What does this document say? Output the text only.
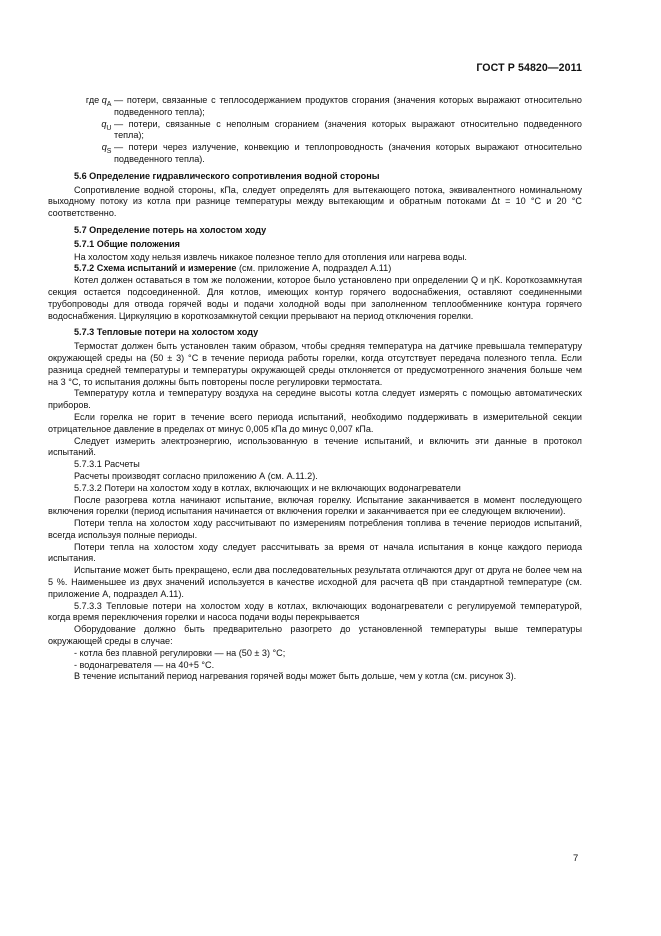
ГОСТ Р 54820—2011
где $q_A$ — потери, связанные с теплосодержанием продуктов сгорания (значения которых выражают относительно подведенного тепла);
$q_U$ — потери, связанные с неполным сгоранием (значения которых выражают относительно подведенного тепла);
$q_S$ — потери через излучение, конвекцию и теплопроводность (значения которых выражают относительно подведенного тепла).

5.6 Определение гидравлического сопротивления водной стороны

Сопротивление водной стороны, кПа, следует определять для вытекающего потока, эквивалентного номинальному выходному потоку из котла при разнице температуры между вытекающим и обратным потоками Δt = 10 °С и 20 °С соответственно.

5.7 Определение потерь на холостом ходу

5.7.1 Общие положения

На холостом ходу нельзя извлечь никакое полезное тепло для отопления или нагрева воды.

5.7.2 Схема испытаний и измерение (см. приложение А, подраздел А.11)

Котел должен оставаться в том же положении, которое было установлено при определении Q и ηK. Короткозамкнутая секция остается подсоединенной. Для котлов, имеющих контур горячего водоснабжения, оставляют соединенными трубопроводы для отвода горячей воды и подачи холодной воды при заполненном теплообменнике контура горячего водоснабжения. Циркуляцию в короткозамкнутой секции прерывают на период отключения горелки.

5.7.3 Тепловые потери на холостом ходу

Термостат должен быть установлен таким образом, чтобы средняя температура на датчике превышала температуру окружающей среды на (50 ± 3) °С в течение периода работы горелки, когда отсутствует передача полезного тепла. Если разница средней температуры и температуры окружающей среды отклоняется от предусмотренного значения больше чем на 3 °С, то испытания должны быть повторены после регулировки термостата.

Температуру котла и температуру воздуха на середине высоты котла следует измерять с помощью автоматических приборов.

Если горелка не горит в течение всего периода испытаний, необходимо поддерживать в измерительной секции отрицательное давление в пределах от минус 0,005 кПа до минус 0,007 кПа.

Следует измерить электроэнергию, использованную в течение испытаний, и включить эти данные в протокол испытаний.

5.7.3.1 Расчеты

Расчеты производят согласно приложению А (см. А.11.2).

5.7.3.2 Потери на холостом ходу в котлах, включающих и не включающих водонагреватели

После разогрева котла начинают испытание, включая горелку. Испытание заканчивается в момент последующего включения горелки (период испытания начинается от включения горелки и заканчивается при ее следующем включении).

Потери тепла на холостом ходу рассчитывают по измерениям потребления топлива в течение периодов испытаний, всегда используя полные периоды.

Потери тепла на холостом ходу следует рассчитывать за время от начала испытания в конце каждого периода испытания.

Испытание может быть прекращено, если два последовательных результата отличаются друг от друга не более чем на 5 %. Наименьшее из двух значений используется в качестве исходной для расчета qB при стандартной температуре (см. приложение А, подраздел А.11).

5.7.3.3 Тепловые потери на холостом ходу в котлах, включающих водонагреватели с регулируемой температурой, когда время переключения горелки и насоса подачи воды перекрывается

Оборудование должно быть предварительно разогрето до установленной температуры выше температуры окружающей среды в случае:

- котла без плавной регулировки — на (50 ± 3) °С;

- водонагревателя — на 40+5 °С.

В течение испытаний период нагревания горячей воды может быть дольше, чем у котла (см. рисунок 3).

7
